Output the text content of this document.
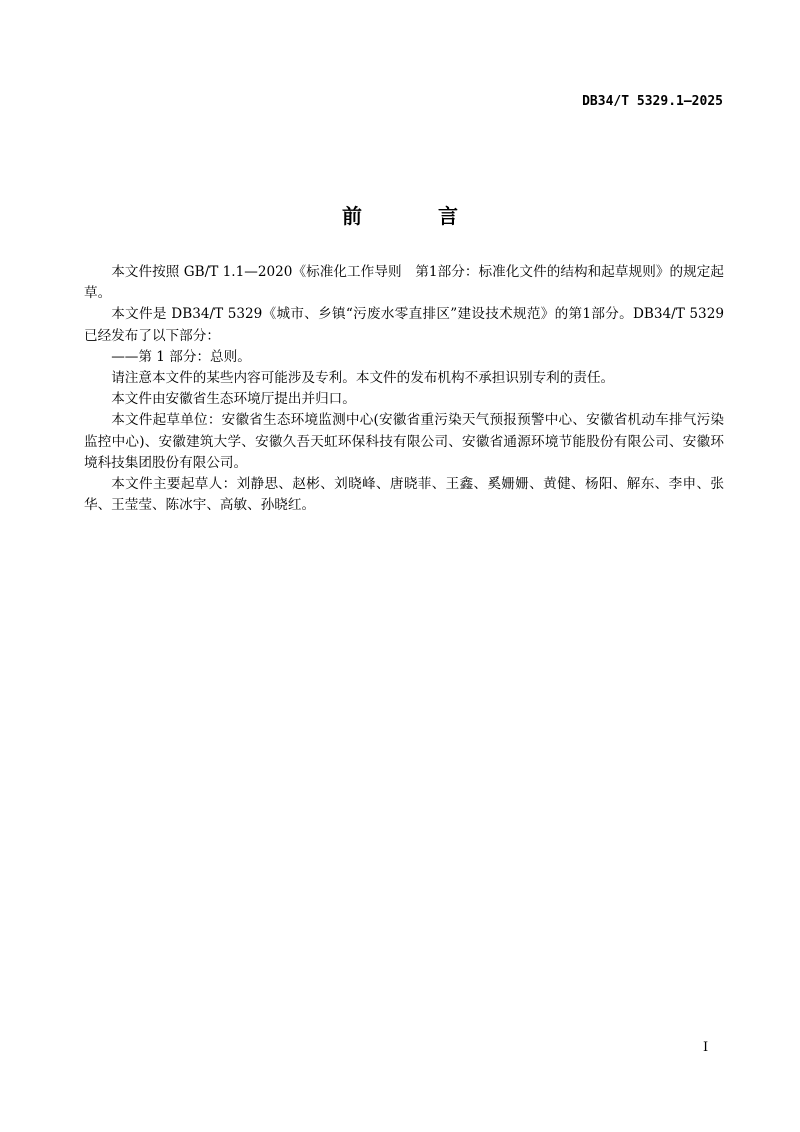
DB34/T 5329.1—2025
前　言

本文件按照 GB/T 1.1—2020《标准化工作导则　第1部分：标准化文件的结构和起草规则》的规定起草。

本文件是 DB34/T 5329《城市、乡镇“污废水零直排区”建设技术规范》的第1部分。DB34/T 5329已经发布了以下部分：

——第 1 部分：总则。

请注意本文件的某些内容可能涉及专利。本文件的发布机构不承担识别专利的责任。

本文件由安徽省生态环境厅提出并归口。

本文件起草单位：安徽省生态环境监测中心(安徽省重污染天气预报预警中心、安徽省机动车排气污染监控中心)、安徽建筑大学、安徽久吾天虹环保科技有限公司、安徽省通源环境节能股份有限公司、安徽环境科技集团股份有限公司。

本文件主要起草人：刘静思、赵彬、刘晓峰、唐晓菲、王鑫、奚姗姗、黄健、杨阳、解东、李申、张华、王莹莹、陈冰宇、高敏、孙晓红。

I
